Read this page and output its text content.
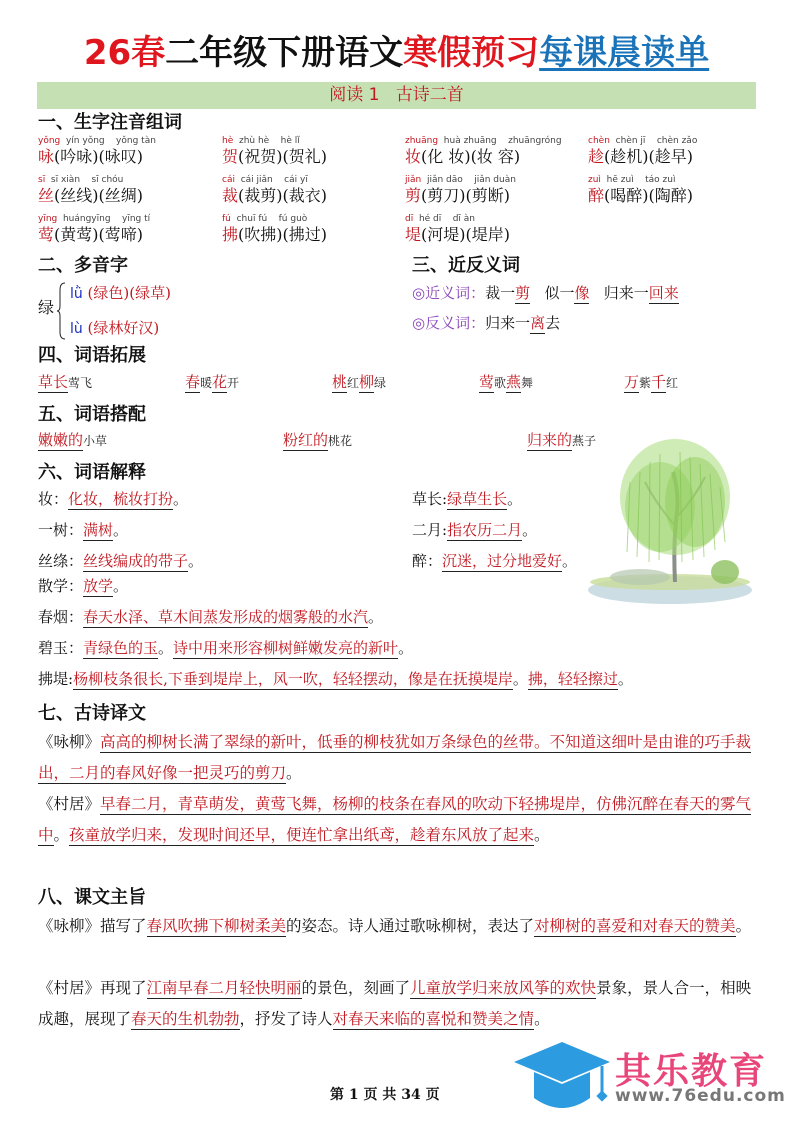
26春二年级下册语文寒假预习每课晨读单
阅读 1   古诗二首
一、生字注音组词
yǒng  yín yǒng    yǒng tàn
咏(吟咏)(咏叹)
hè  zhù hè    hè lǐ
贺(祝贺)(贺礼)
zhuāng  huà zhuāng    zhuāngróng
妆(化 妆)(妆 容)
chèn  chèn jī    chèn zǎo
趁(趁机)(趁早)
sī  sī xiàn    sī chóu
丝(丝线)(丝绸)
cái  cái jiǎn    cái yī
裁(裁剪)(裁衣)
jiǎn  jiǎn dāo    jiǎn duàn
剪(剪刀)(剪断)
zuì  hē zuì    táo zuì
醉(喝醉)(陶醉)
yīng  huángyīng    yīng tí
莺(黄莺)(莺啼)
fú  chuī fú    fú guò
拂(吹拂)(拂过)
dī  hé dī    dī àn
堤(河堤)(堤岸)
二、多音字
绿
lǜ (绿色)(绿草)
lù (绿林好汉)
三、近反义词
◎近义词：裁一剪 似一像 归来一回来
◎反义词：归来一离去
四、词语拓展
草长莺飞	春暖花开	桃红柳绿	莺歌燕舞	万紫千红
五、词语搭配
嫩嫩的小草	粉红的桃花	归来的燕子
六、词语解释
妆：化妆，梳妆打扮。
一树：满树。
丝绦：丝线编成的带子。
散学：放学。
草长:绿草生长。
二月:指农历二月。
醉：沉迷，过分地爱好。
春烟：春天水泽、草木间蒸发形成的烟雾般的水汽。
碧玉：青绿色的玉。诗中用来形容柳树鲜嫩发亮的新叶。
拂堤:杨柳枝条很长,下垂到堤岸上，风一吹，轻轻摆动，像是在抚摸堤岸。拂，轻轻擦过。
七、古诗译文
《咏柳》高高的柳树长满了翠绿的新叶，低垂的柳枝犹如万条绿色的丝带。不知道这细叶是由谁的巧手裁出，二月的春风好像一把灵巧的剪刀。
《村居》早春二月，青草萌发，黄莺飞舞，杨柳的枝条在春风的吹动下轻拂堤岸，仿佛沉醉在春天的雾气中。孩童放学归来，发现时间还早，便连忙拿出纸鸢，趁着东风放了起来。
八、课文主旨
《咏柳》描写了春风吹拂下柳树柔美的姿态。诗人通过歌咏柳树，表达了对柳树的喜爱和对春天的赞美。
《村居》再现了江南早春二月轻快明丽的景色，刻画了儿童放学归来放风筝的欢快景象，景人合一，相映成趣，展现了春天的生机勃勃，抒发了诗人对春天来临的喜悦和赞美之情。
第 1 页 共 34 页
其乐教育
www.76edu.com
